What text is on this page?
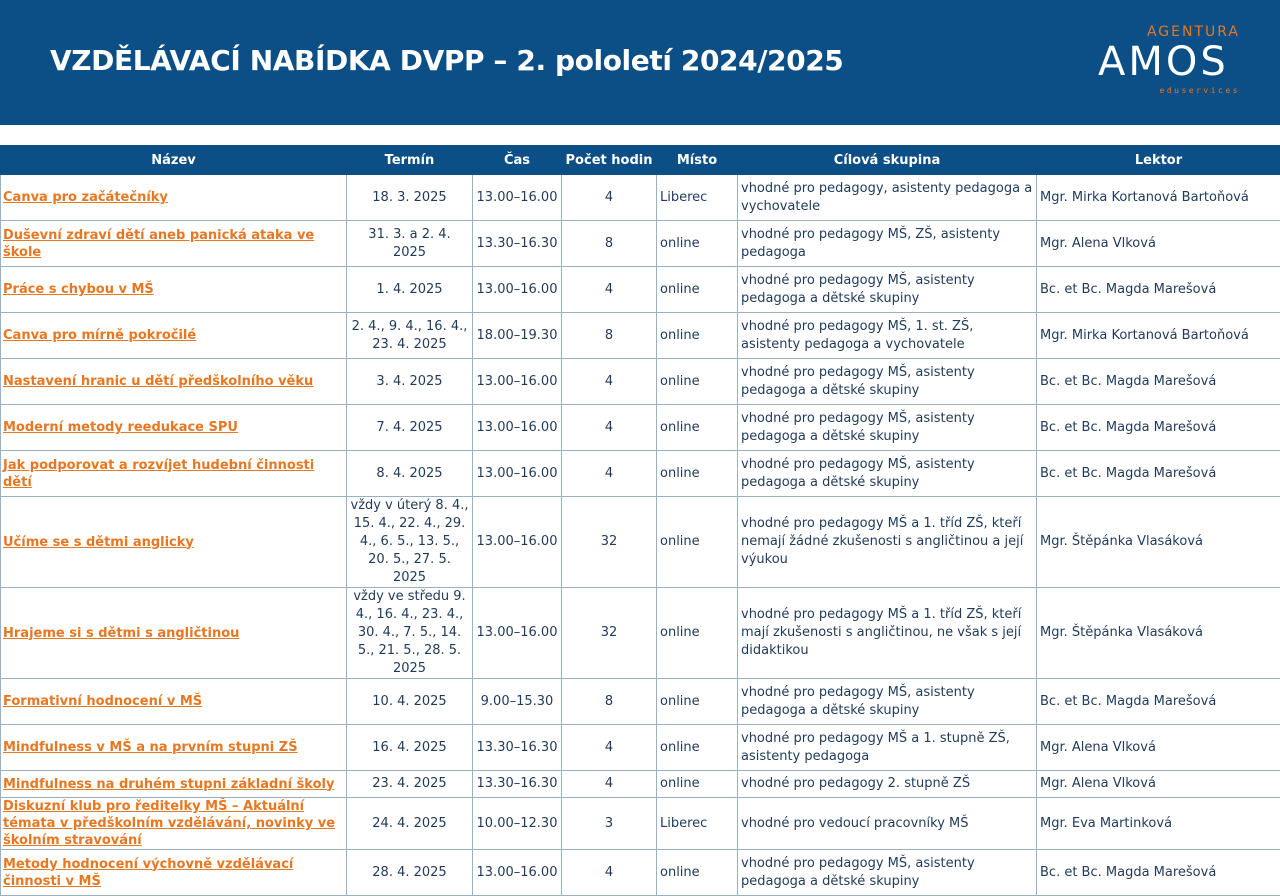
VZDĚLÁVACÍ NABÍDKA DVPP – 2. pololetí 2024/2025
AGENTURA
AMOS
eduservices
Název	Termín	Čas	Počet hodin	Místo	Cílová skupina	Lektor

Canva pro začátečníky	18. 3. 2025	13.00–16.00	4	Liberec	vhodné pro pedagogy, asistenty pedagoga a vychovatele	Mgr. Mirka Kortanová Bartoňová

Duševní zdraví dětí aneb panická ataka ve škole	31. 3. a 2. 4. 2025	13.30–16.30	8	online	vhodné pro pedagogy MŠ, ZŠ, asistenty pedagoga	Mgr. Alena Vlková

Práce s chybou v MŠ	1. 4. 2025	13.00–16.00	4	online	vhodné pro pedagogy MŠ, asistenty pedagoga a dětské skupiny	Bc. et Bc. Magda Marešová

Canva pro mírně pokročilé	2. 4., 9. 4., 16. 4., 23. 4. 2025	18.00–19.30	8	online	vhodné pro pedagogy MŠ, 1. st. ZŠ, asistenty pedagoga a vychovatele	Mgr. Mirka Kortanová Bartoňová

Nastavení hranic u dětí předškolního věku	3. 4. 2025	13.00–16.00	4	online	vhodné pro pedagogy MŠ, asistenty pedagoga a dětské skupiny	Bc. et Bc. Magda Marešová

Moderní metody reedukace SPU	7. 4. 2025	13.00–16.00	4	online	vhodné pro pedagogy MŠ, asistenty pedagoga a dětské skupiny	Bc. et Bc. Magda Marešová

Jak podporovat a rozvíjet hudební činnosti dětí	8. 4. 2025	13.00–16.00	4	online	vhodné pro pedagogy MŠ, asistenty pedagoga a dětské skupiny	Bc. et Bc. Magda Marešová

Učíme se s dětmi anglicky	vždy v úterý 8. 4., 15. 4., 22. 4., 29. 4., 6. 5., 13. 5., 20. 5., 27. 5. 2025	13.00–16.00	32	online	vhodné pro pedagogy MŠ a 1. tříd ZŠ, kteří nemají žádné zkušenosti s angličtinou a její výukou	Mgr. Štěpánka Vlasáková

Hrajeme si s dětmi s angličtinou	vždy ve středu 9. 4., 16. 4., 23. 4., 30. 4., 7. 5., 14. 5., 21. 5., 28. 5. 2025	13.00–16.00	32	online	vhodné pro pedagogy MŠ a 1. tříd ZŠ, kteří mají zkušenosti s angličtinou, ne však s její didaktikou	Mgr. Štěpánka Vlasáková

Formativní hodnocení v MŠ	10. 4. 2025	9.00–15.30	8	online	vhodné pro pedagogy MŠ, asistenty pedagoga a dětské skupiny	Bc. et Bc. Magda Marešová

Mindfulness v MŠ a na prvním stupni ZŠ	16. 4. 2025	13.30–16.30	4	online	vhodné pro pedagogy MŠ a 1. stupně ZŠ, asistenty pedagoga	Mgr. Alena Vlková

Mindfulness na druhém stupni základní školy	23. 4. 2025	13.30–16.30	4	online	vhodné pro pedagogy 2. stupně ZŠ	Mgr. Alena Vlková

Diskuzní klub pro ředitelky MŠ – Aktuální témata v předškolním vzdělávání, novinky ve školním stravování	24. 4. 2025	10.00–12.30	3	Liberec	vhodné pro vedoucí pracovníky MŠ	Mgr. Eva Martinková

Metody hodnocení výchovně vzdělávací činnosti v MŠ	28. 4. 2025	13.00–16.00	4	online	vhodné pro pedagogy MŠ, asistenty pedagoga a dětské skupiny	Bc. et Bc. Magda Marešová
